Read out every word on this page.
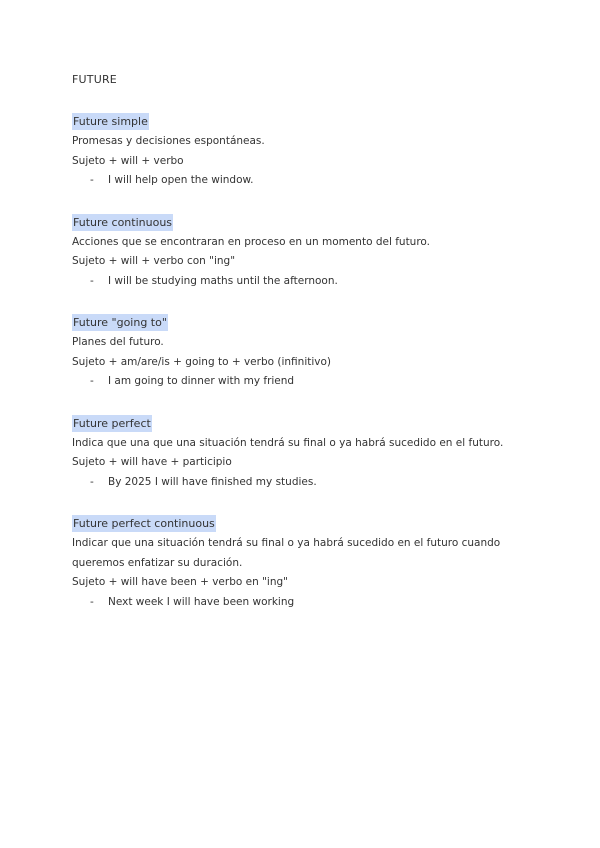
FUTURE
Future simple
Promesas y decisiones espontáneas.
Sujeto + will + verbo
-	I will help open the window.
Future continuous
Acciones que se encontraran en proceso en un momento del futuro.
Sujeto + will + verbo con "ing"
-	I will be studying maths until the afternoon.
Future "going to"
Planes del futuro.
Sujeto + am/are/is + going to + verbo (infinitivo)
-	I am going to dinner with my friend
Future perfect
Indica que una que una situación tendrá su final o ya habrá sucedido en el futuro.
Sujeto + will have + participio
-	By 2025 I will have finished my studies.
Future perfect continuous
Indicar que una situación tendrá su final o ya habrá sucedido en el futuro cuando
queremos enfatizar su duración.
Sujeto + will have been + verbo en "ing"
-	Next week I will have been working
